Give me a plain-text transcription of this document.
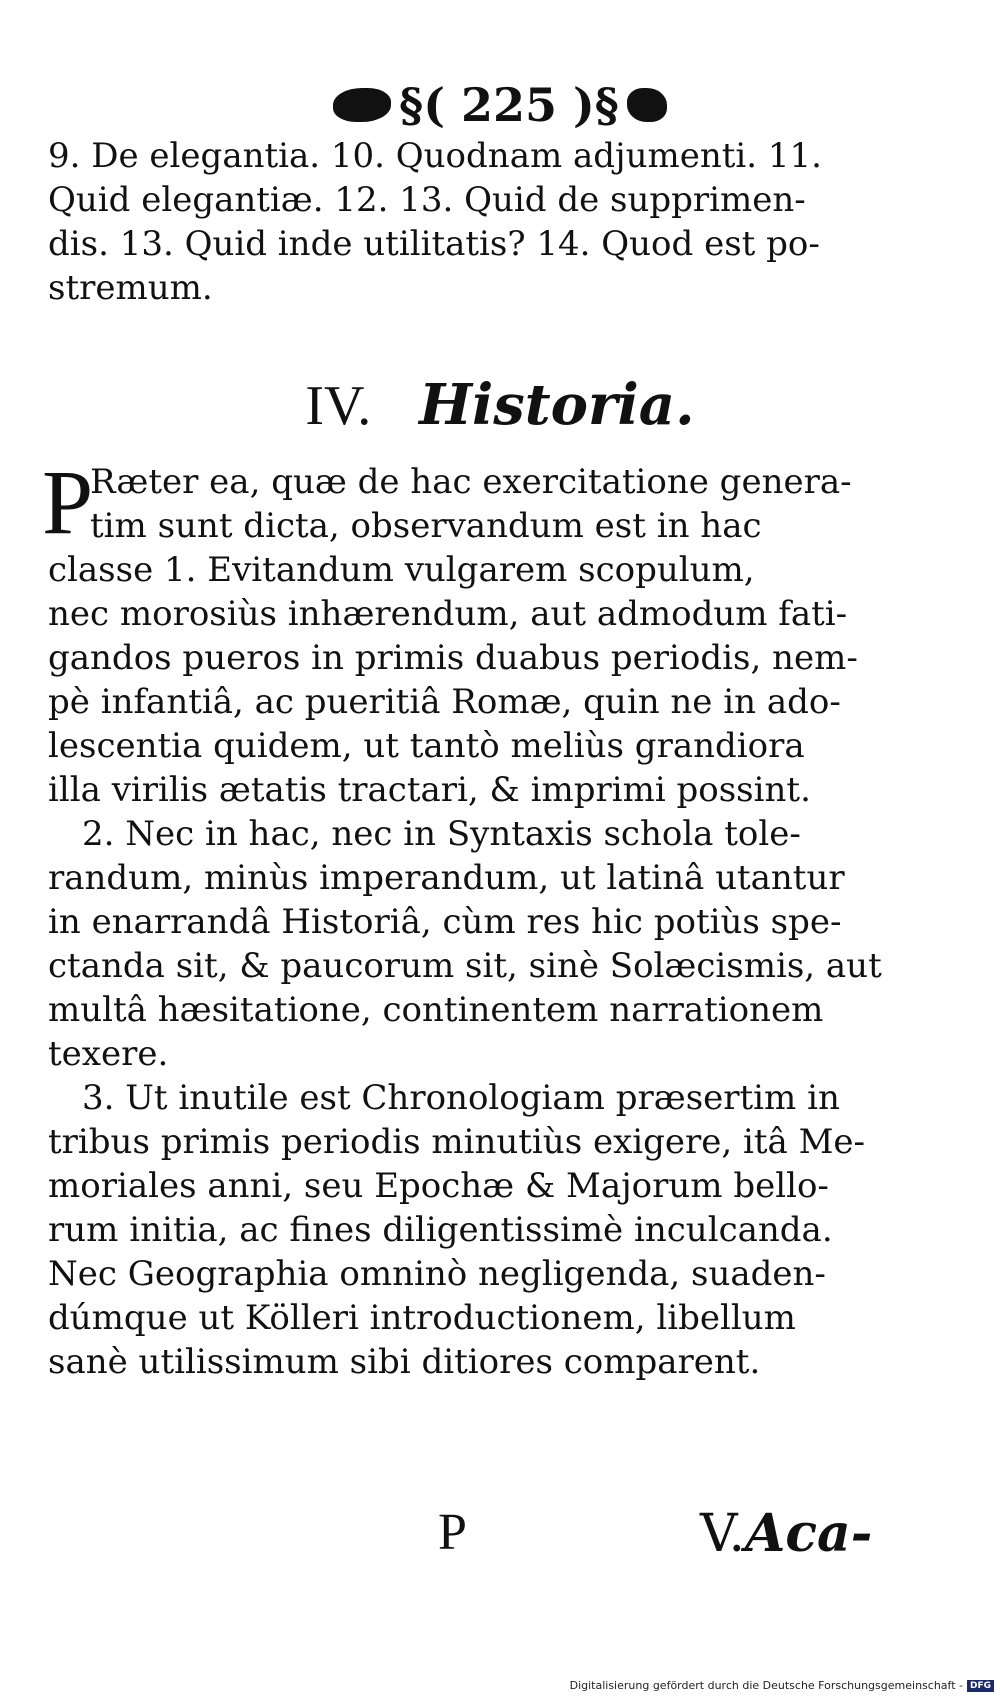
§( 225 )§
9. De elegantia. 10. Quodnam adjumenti. 11.
Quid elegantiæ. 12. 13. Quid de supprimen-
dis. 13. Quid inde utilitatis? 14. Quod est po-
stremum.
IV. Historia.
P
Ræter ea, quæ de hac exercitatione genera-
tim sunt dicta, observandum est in hac
classe 1. Evitandum vulgarem scopulum,
nec morosiùs inhærendum, aut admodum fati-
gandos pueros in primis duabus periodis, nem-
pè infantiâ, ac pueritiâ Romæ, quin ne in ado-
lescentia quidem, ut tantò meliùs grandiora
illa virilis ætatis tractari, & imprimi possint.
2. Nec in hac, nec in Syntaxis schola tole-
randum, minùs imperandum, ut latinâ utantur
in enarrandâ Historiâ, cùm res hic potiùs spe-
ctanda sit, & paucorum sit, sinè Solæcismis, aut
multâ hæsitatione, continentem narrationem
texere.
3. Ut inutile est Chronologiam præsertim in
tribus primis periodis minutiùs exigere, itâ Me-
moriales anni, seu Epochæ & Majorum bello-
rum initia, ac fines diligentissimè inculcanda.
Nec Geographia omninò negligenda, suaden-
dúmque ut Kölleri introductionem, libellum
sanè utilissimum sibi ditiores comparent.
P	V.Aca-
Digitalisierung gefördert durch die Deutsche Forschungsgemeinschaft - DFG
